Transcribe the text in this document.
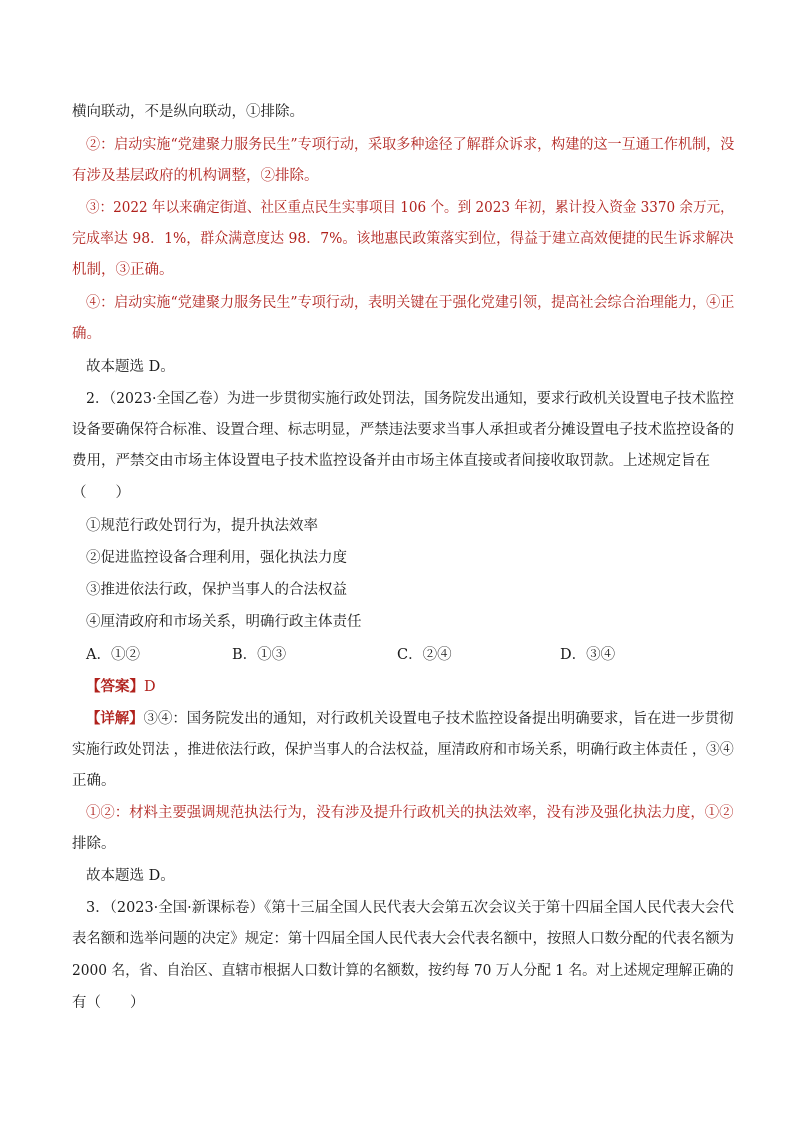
横向联动，不是纵向联动，①排除。
②：启动实施“党建聚力服务民生”专项行动，采取多种途径了解群众诉求，构建的这一互通工作机制，没
有涉及基层政府的机构调整，②排除。
③：2022 年以来确定街道、社区重点民生实事项目 106 个。到 2023 年初，累计投入资金 3370 余万元，
完成率达 98．1%，群众满意度达 98．7%。该地惠民政策落实到位，得益于建立高效便捷的民生诉求解决
机制，③正确。
④：启动实施“党建聚力服务民生”专项行动，表明关键在于强化党建引领，提高社会综合治理能力，④正
确。
故本题选 D。
2．（2023·全国乙卷）为进一步贯彻实施行政处罚法，国务院发出通知，要求行政机关设置电子技术监控
设备要确保符合标准、设置合理、标志明显，严禁违法要求当事人承担或者分摊设置电子技术监控设备的
费用，严禁交由市场主体设置电子技术监控设备并由市场主体直接或者间接收取罚款。上述规定旨在
（　　）
①规范行政处罚行为，提升执法效率
②促进监控设备合理利用，强化执法力度
③推进依法行政，保护当事人的合法权益
④厘清政府和市场关系，明确行政主体责任
A．①②	B．①③	C．②④	D．③④
【答案】D
【详解】③④：国务院发出的通知，对行政机关设置电子技术监控设备提出明确要求，旨在进一步贯彻
实施行政处罚法 ，推进依法行政，保护当事人的合法权益，厘清政府和市场关系，明确行政主体责任 ，③④
正确。
①②：材料主要强调规范执法行为，没有涉及提升行政机关的执法效率，没有涉及强化执法力度，①②
排除。
故本题选 D。
3．（2023·全国·新课标卷）《第十三届全国人民代表大会第五次会议关于第十四届全国人民代表大会代
表名额和选举问题的决定》规定：第十四届全国人民代表大会代表名额中，按照人口数分配的代表名额为
2000 名，省、自治区、直辖市根据人口数计算的名额数，按约每 70 万人分配 1 名。对上述规定理解正确的
有（　　）
